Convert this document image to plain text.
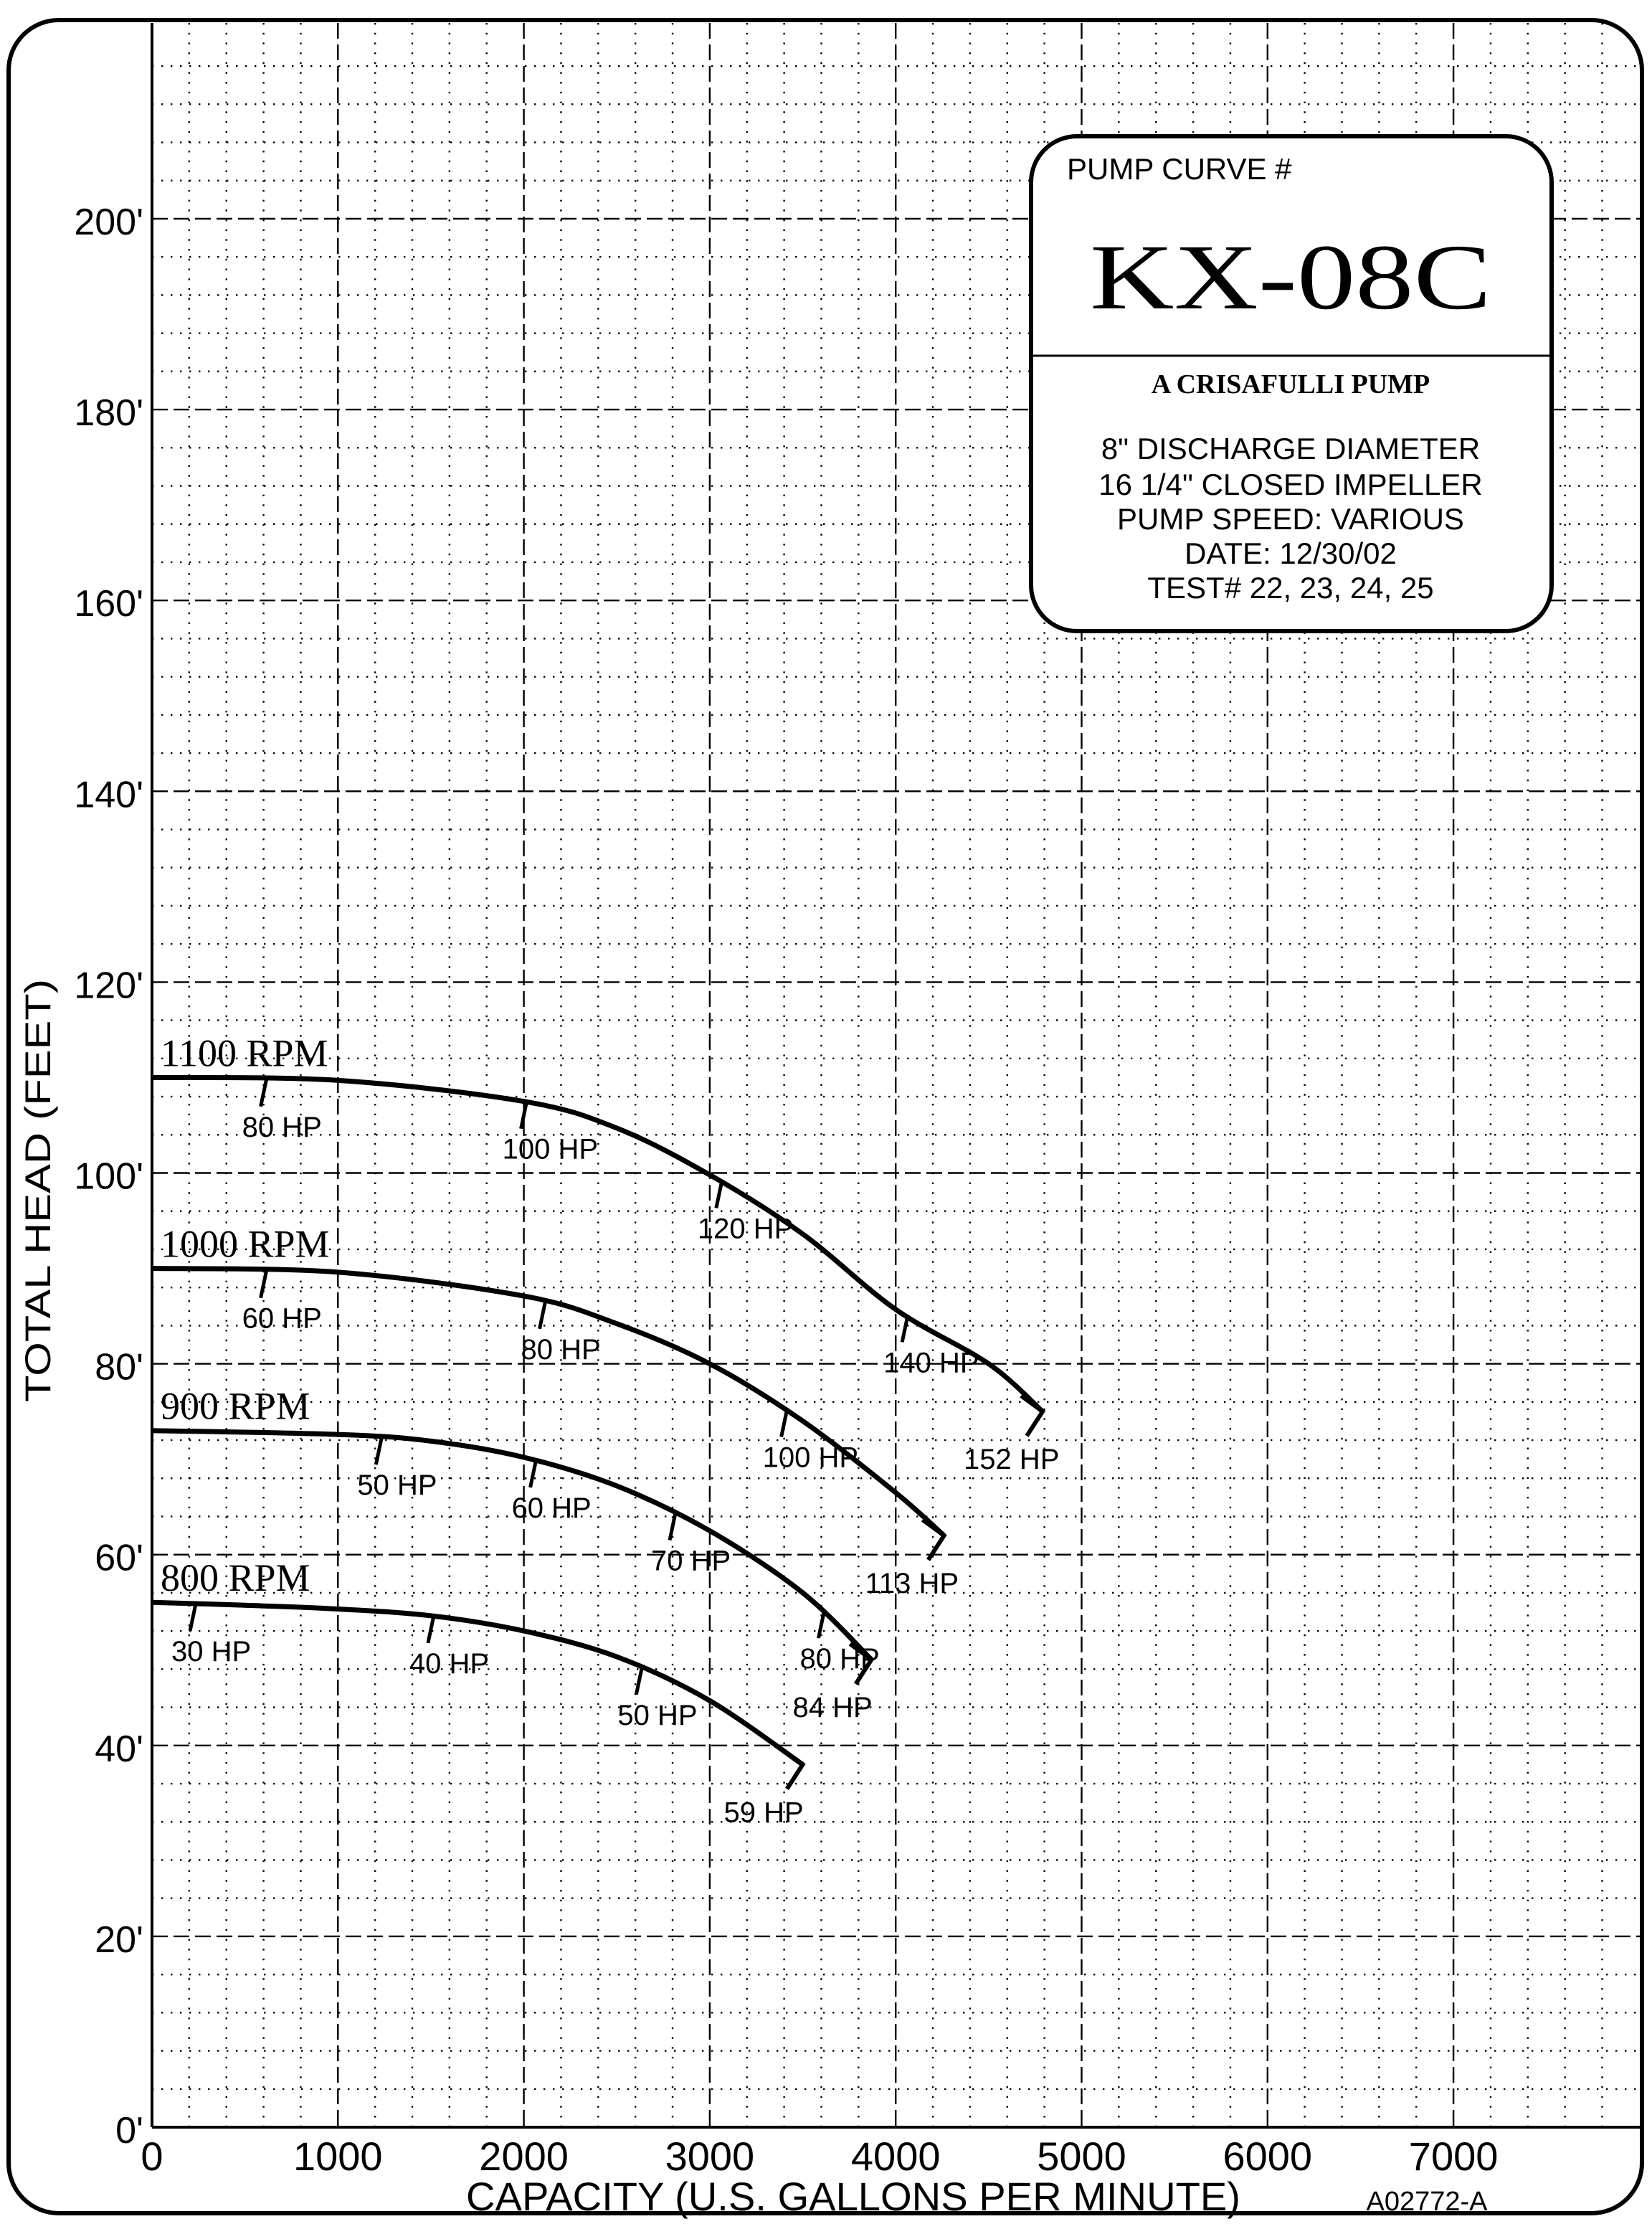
0	1000 2000 3000 4000 5000 6000 7000
0'
20'
40'
60'
80'
100'
120'
140'
160'
180'
200'
1100 RPM
80 HP
100 HP
120 HP
140 HP
152 HP
1000 RPM
60 HP
80 HP
100 HP
113 HP
900 RPM
50 HP
60 HP
70 HP
80 HP
84 HP
800 RPM
30 HP	40 HP
50 HP
59 HP
CAPACITY (U.S. GALLONS PER MINUTE)
TOTAL HEAD (FEET)
A02772-A
PUMP CURVE #
KX-08C
A CRISAFULLI PUMP
8" DISCHARGE DIAMETER
16 1/4" CLOSED IMPELLER
PUMP SPEED: VARIOUS
DATE: 12/30/02
TEST# 22, 23, 24, 25
